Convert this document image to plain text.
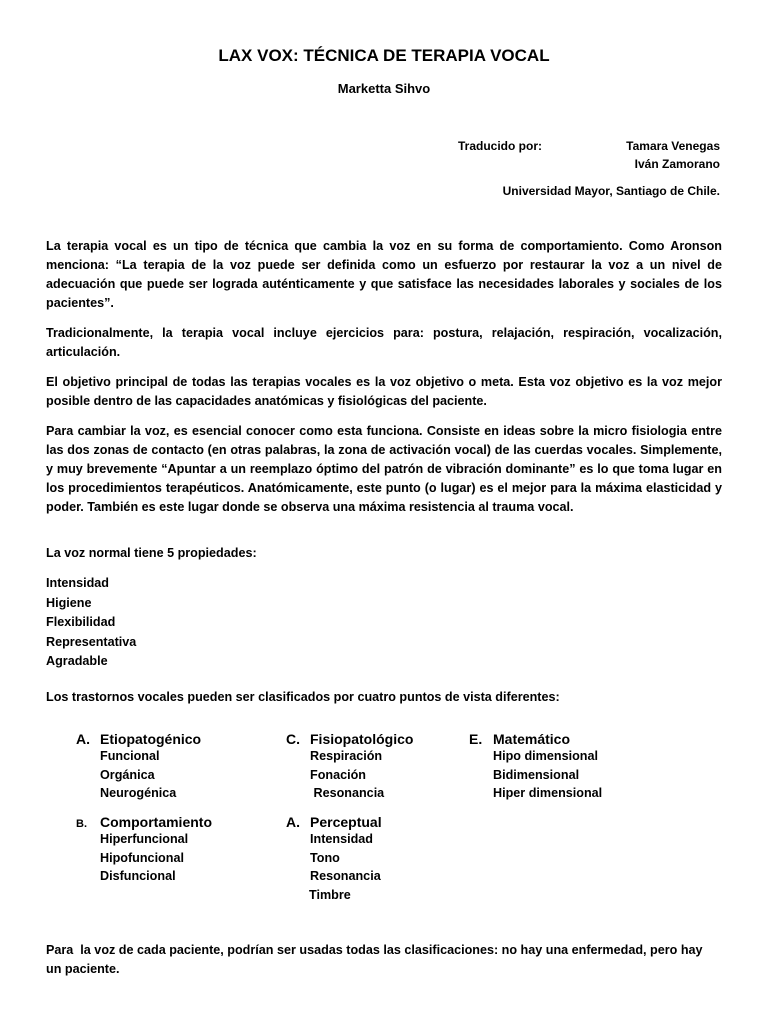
LAX VOX: TÉCNICA DE TERAPIA VOCAL
Marketta Sihvo
Traducido por:	Tamara Venegas
Iván Zamorano
Universidad Mayor, Santiago de Chile.

La terapia vocal es un tipo de técnica que cambia la voz en su forma de comportamiento. Como Aronson menciona: “La terapia de la voz puede ser definida como un esfuerzo por restaurar la voz a un nivel de adecuación que puede ser lograda auténticamente y que satisface las necesidades laborales y sociales de los pacientes”.

Tradicionalmente, la terapia vocal incluye ejercicios para: postura, relajación, respiración, vocalización, articulación.

El objetivo principal de todas las terapias vocales es la voz objetivo o meta. Esta voz objetivo es la voz mejor posible dentro de las capacidades anatómicas y fisiológicas del paciente.

Para cambiar la voz, es esencial conocer como esta funciona. Consiste en ideas sobre la micro fisiologia entre las dos zonas de contacto (en otras palabras, la zona de activación vocal) de las cuerdas vocales. Simplemente, y muy brevemente “Apuntar a un reemplazo óptimo del patrón de vibración dominante” es lo que toma lugar en los procedimientos terapéuticos. Anatómicamente, este punto (o lugar) es el mejor para la máxima elasticidad y poder. También es este lugar donde se observa una máxima resistencia al trauma vocal.

La voz normal tiene 5 propiedades:
Intensidad
Higiene
Flexibilidad
Representativa
Agradable
Los trastornos vocales pueden ser clasificados por cuatro puntos de vista diferentes:
A. Etiopatogénico
Funcional
Orgánica
Neurogénica
C. Fisiopatológico
Respiración
Fonación
Resonancia
E. Matemático
Hipo dimensional
Bidimensional
Hiper dimensional
B. Comportamiento
Hiperfuncional
Hipofuncional
Disfuncional
A. Perceptual
Intensidad
Tono
Resonancia
Timbre

Para  la voz de cada paciente, podrían ser usadas todas las clasificaciones: no hay una enfermedad, pero hay un paciente.
